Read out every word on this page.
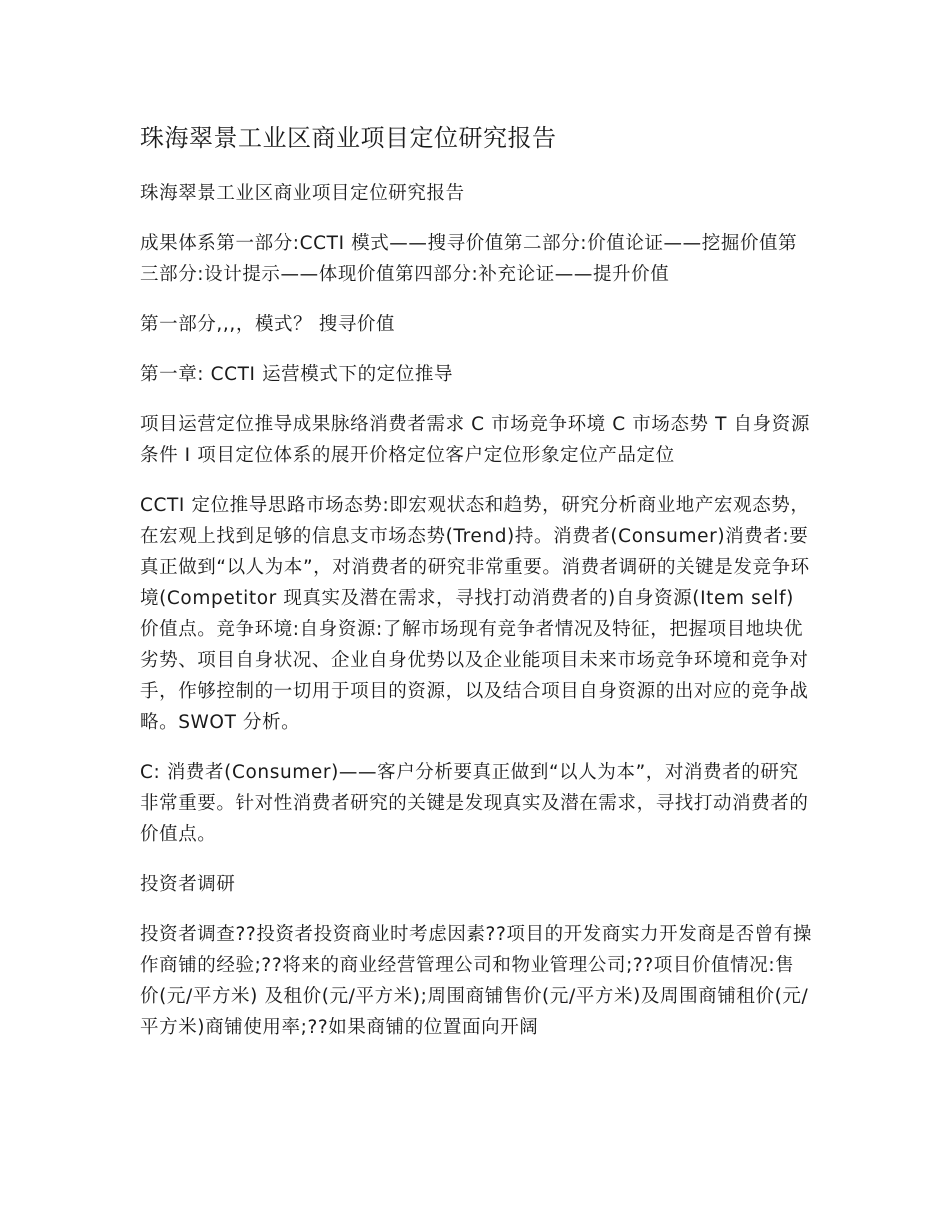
珠海翠景工业区商业项目定位研究报告

珠海翠景工业区商业项目定位研究报告

成果体系第一部分:CCTI 模式——搜寻价值第二部分:价值论证——挖掘价值第三部分:设计提示——体现价值第四部分:补充论证——提升价值

第一部分,,,，模式？ 搜寻价值

第一章: CCTI 运营模式下的定位推导

项目运营定位推导成果脉络消费者需求 C 市场竞争环境 C 市场态势 T 自身资源条件 I 项目定位体系的展开价格定位客户定位形象定位产品定位

CCTI 定位推导思路市场态势:即宏观状态和趋势，研究分析商业地产宏观态势，在宏观上找到足够的信息支市场态势(Trend)持。消费者(Consumer)消费者:要真正做到“以人为本”，对消费者的研究非常重要。消费者调研的关键是发竞争环境(Competitor 现真实及潜在需求，寻找打动消费者的)自身资源(Item self)价值点。竞争环境:自身资源:了解市场现有竞争者情况及特征，把握项目地块优劣势、项目自身状况、企业自身优势以及企业能项目未来市场竞争环境和竞争对手，作够控制的一切用于项目的资源，以及结合项目自身资源的出对应的竞争战略。SWOT 分析。

C: 消费者(Consumer)——客户分析要真正做到“以人为本”，对消费者的研究非常重要。针对性消费者研究的关键是发现真实及潜在需求，寻找打动消费者的价值点。

投资者调研

投资者调查??投资者投资商业时考虑因素??项目的开发商实力开发商是否曾有操作商铺的经验;??将来的商业经营管理公司和物业管理公司;??项目价值情况:售价(元/平方米) 及租价(元/平方米);周围商铺售价(元/平方米)及周围商铺租价(元/平方米)商铺使用率;??如果商铺的位置面向开阔
